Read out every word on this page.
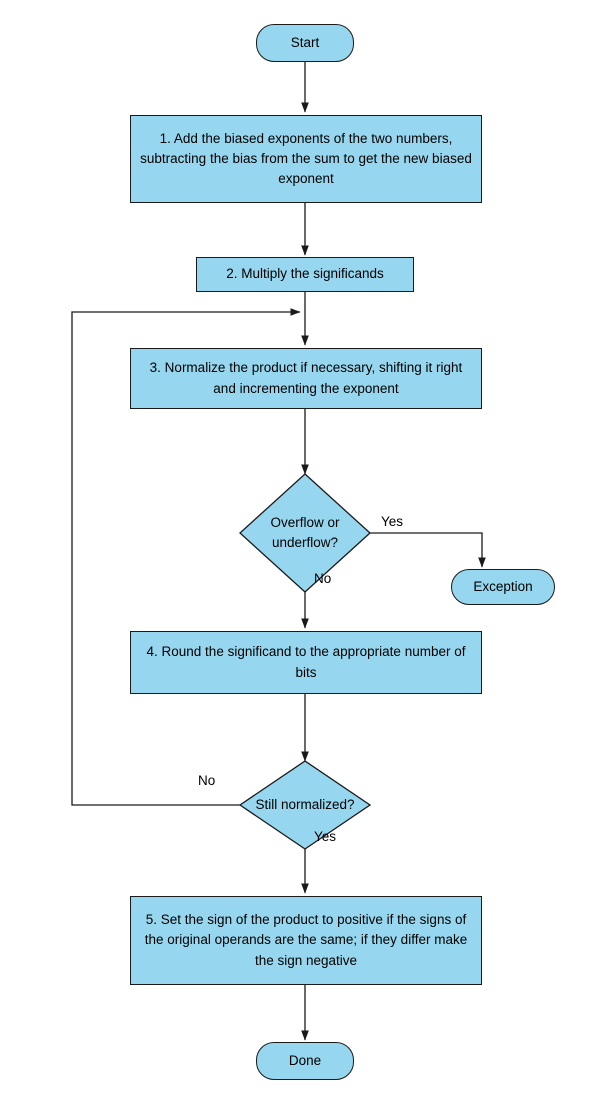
Start
1. Add the biased exponents of the two numbers, subtracting the bias from the sum to get the new biased exponent
2. Multiply the significands
3. Normalize the product if necessary, shifting it right and incrementing the exponent
Overflow or underflow?
Exception
4. Round the significand to the appropriate number of bits
Still normalized?
5. Set the sign of the product to positive if the signs of the original operands are the same; if they differ make the sign negative
Done
Yes
No
No
Yes
